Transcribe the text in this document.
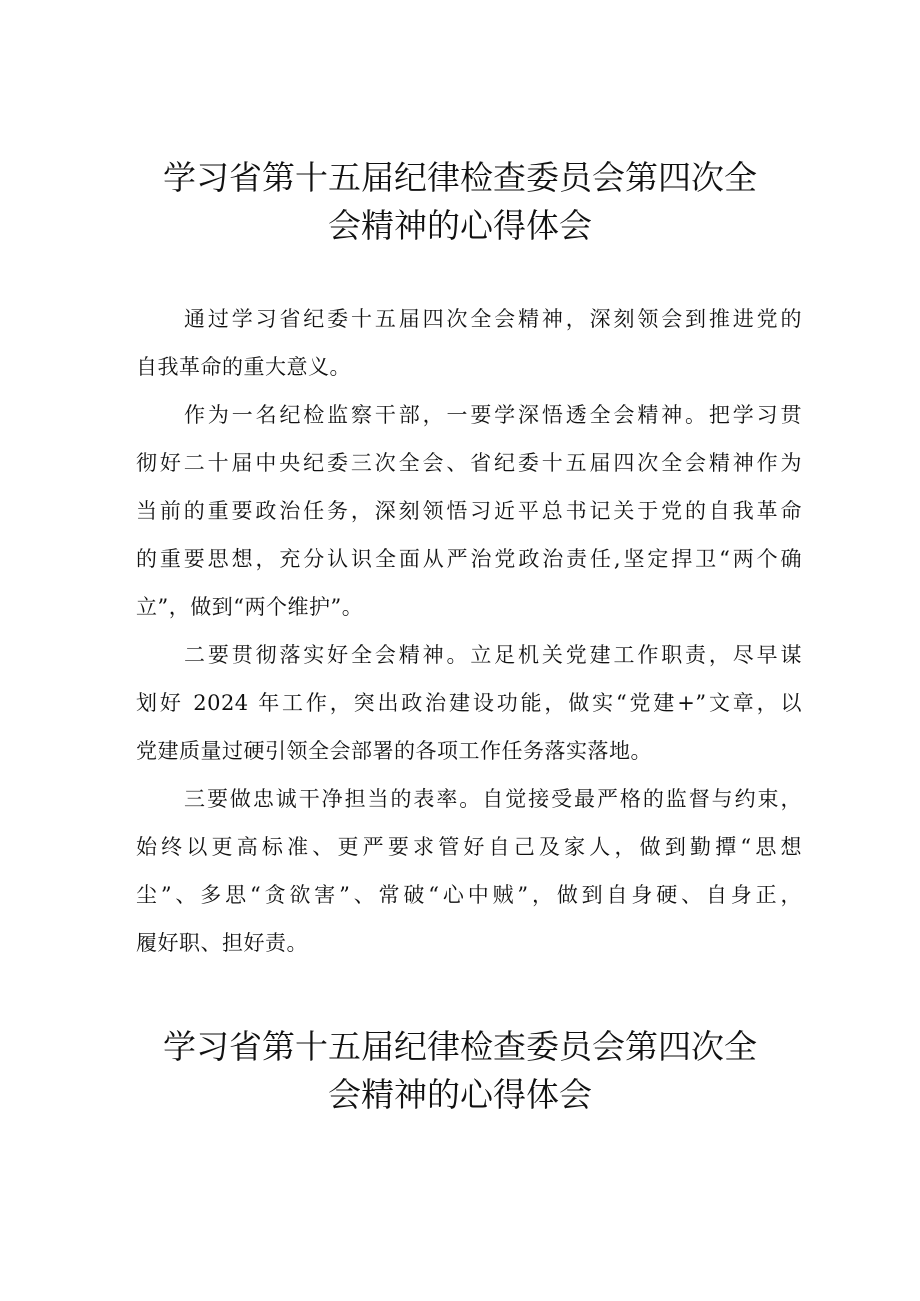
学习省第十五届纪律检查委员会第四次全
会精神的心得体会

通过学习省纪委十五届四次全会精神，深刻领会到推进党的
自我革命的重大意义。

作为一名纪检监察干部，一要学深悟透全会精神。把学习贯
彻好二十届中央纪委三次全会、省纪委十五届四次全会精神作为
当前的重要政治任务，深刻领悟习近平总书记关于党的自我革命
的重要思想，充分认识全面从严治党政治责任,坚定捍卫“两个确
立”，做到“两个维护”。

二要贯彻落实好全会精神。立足机关党建工作职责，尽早谋
划好 2024 年工作，突出政治建设功能，做实“党建+”文章，以
党建质量过硬引领全会部署的各项工作任务落实落地。

三要做忠诚干净担当的表率。自觉接受最严格的监督与约束，
始终以更高标准、更严要求管好自己及家人，做到勤撢“思想
尘”、多思“贪欲害”、常破“心中贼”，做到自身硬、自身正，
履好职、担好责。

学习省第十五届纪律检查委员会第四次全
会精神的心得体会
